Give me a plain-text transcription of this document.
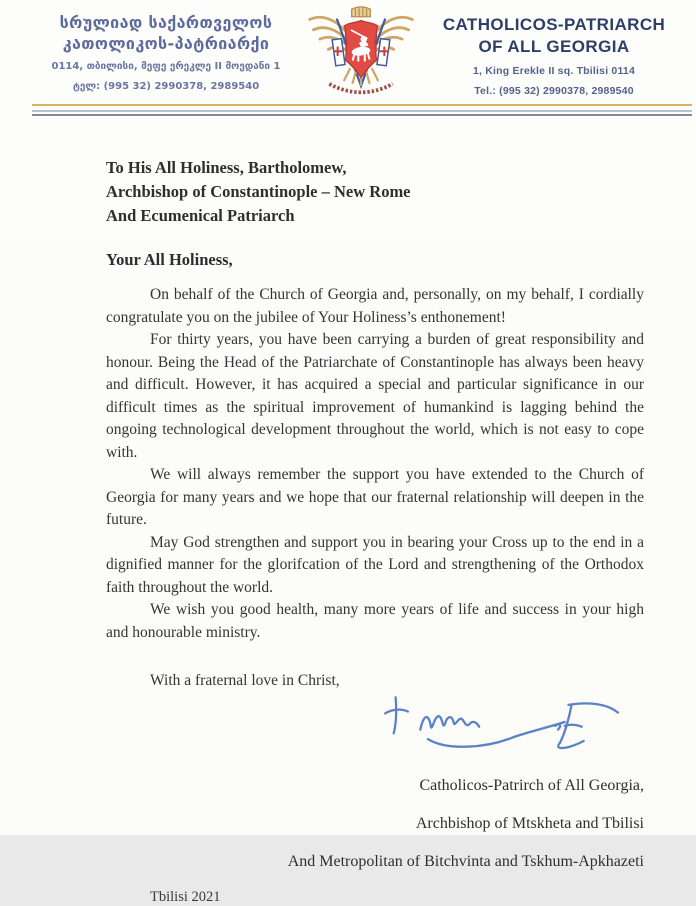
სრულიად საქართველოს
კათოლიკოს-პატრიარქი
0114, თბილისი, მეფე ერეკლე II მოედანი 1
ტელ: (995 32) 2990378, 2989540
CATHOLICOS-PATRIARCH
OF ALL GEORGIA
1, King Erekle II sq. Tbilisi 0114
Tel.: (995 32) 2990378, 2989540
To His All Holiness, Bartholomew,
Archbishop of Constantinople – New Rome
And Ecumenical Patriarch
Your All Holiness,

On behalf of the Church of Georgia and, personally, on my behalf, I cordially congratulate you on the jubilee of Your Holiness’s enthonement!

For thirty years, you have been carrying a burden of great responsibility and honour. Being the Head of the Patriarchate of Constantinople has always been heavy and difficult. However, it has acquired a special and particular significance in our difficult times as the spiritual improvement of humankind is lagging behind the ongoing technological development throughout the world, which is not easy to cope with.

We will always remember the support you have extended to the Church of Georgia for many years and we hope that our fraternal relationship will deepen in the future.

May God strengthen and support you in bearing your Cross up to the end in a dignified manner for the glorifcation of the Lord and strengthening of the Orthodox faith throughout the world.

We wish you good health, many more years of life and success in your high and honourable ministry.

With a fraternal love in Christ,
Catholicos-Patrirch of All Georgia,
Archbishop of Mtskheta and Tbilisi
And Metropolitan of Bitchvinta and Tskhum-Apkhazeti
Tbilisi 2021
